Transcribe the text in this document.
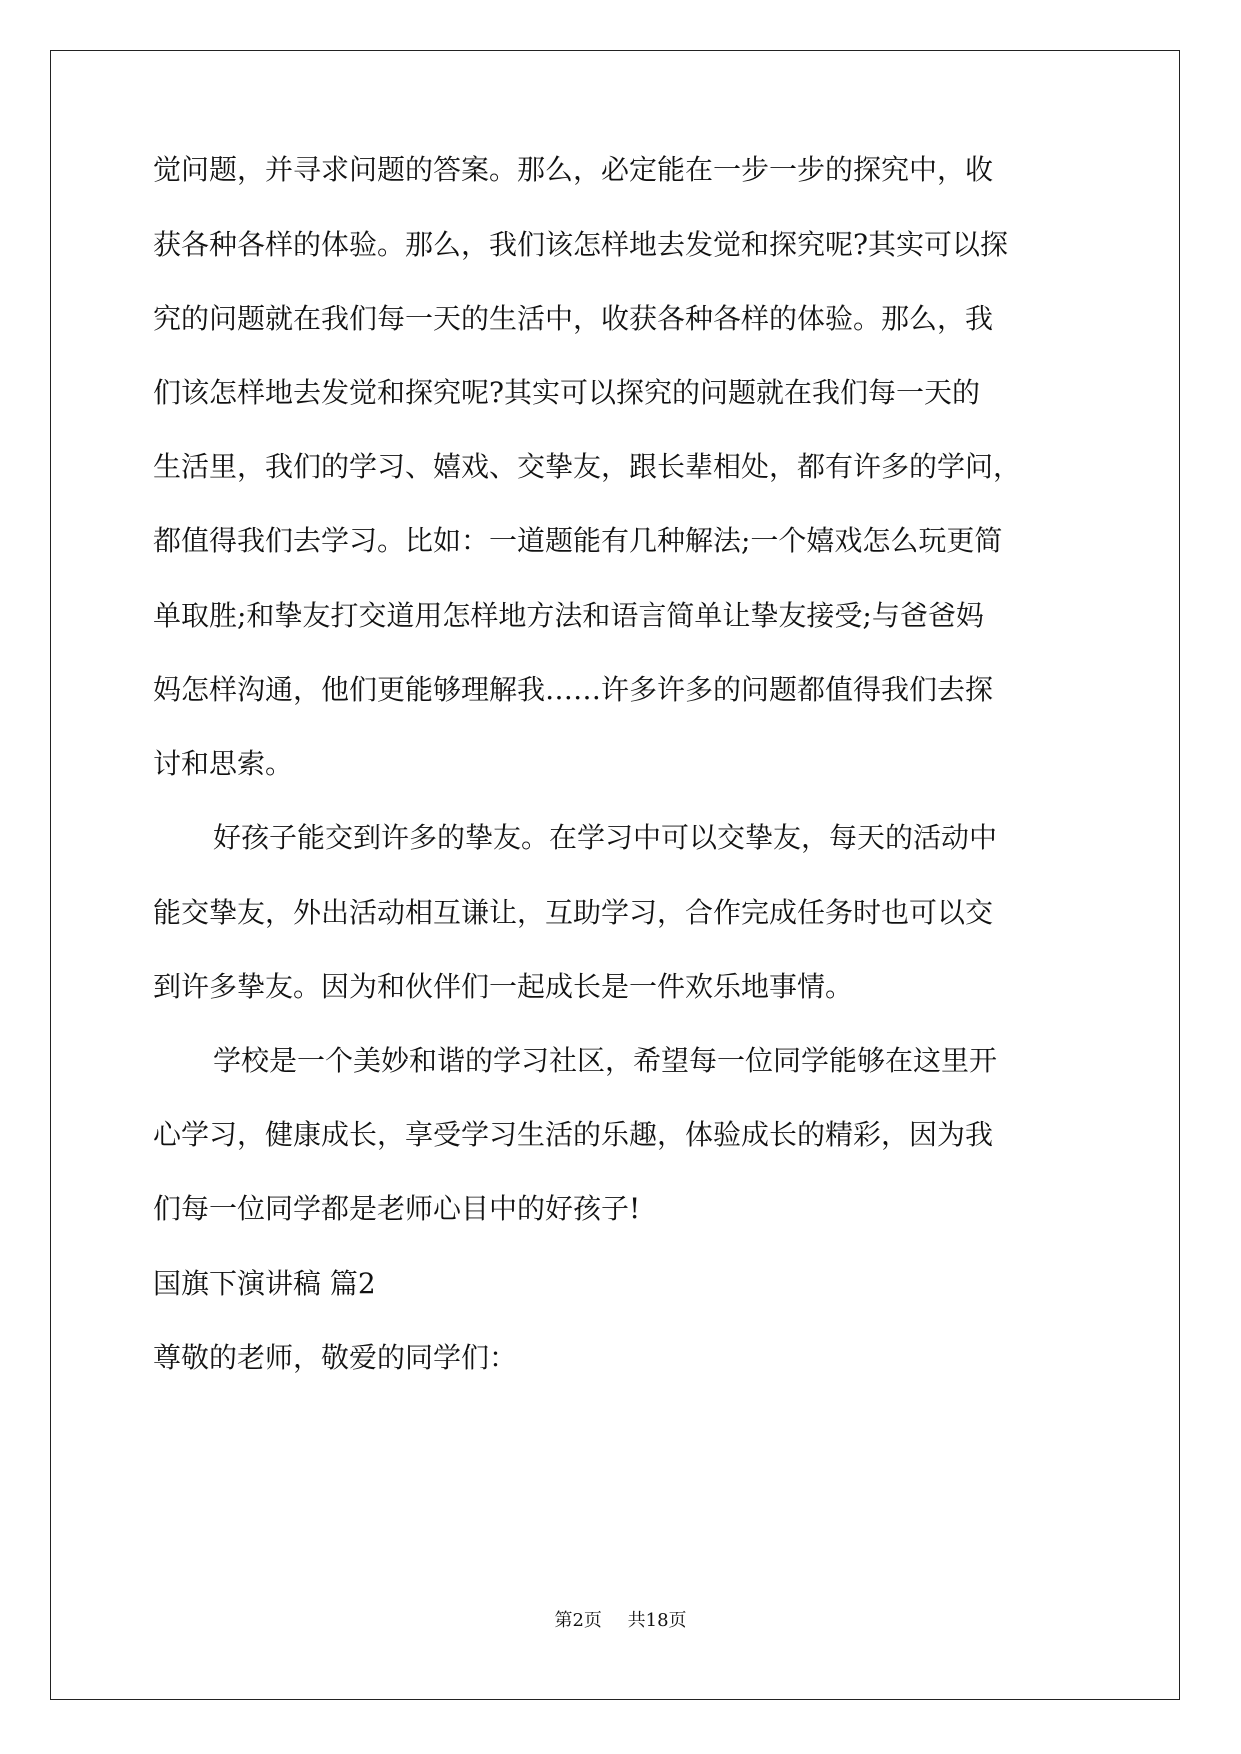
觉问题，并寻求问题的答案。那么，必定能在一步一步的探究中，收
获各种各样的体验。那么，我们该怎样地去发觉和探究呢?其实可以探
究的问题就在我们每一天的生活中，收获各种各样的体验。那么，我
们该怎样地去发觉和探究呢?其实可以探究的问题就在我们每一天的
生活里，我们的学习、嬉戏、交挚友，跟长辈相处，都有许多的学问，
都值得我们去学习。比如：一道题能有几种解法;一个嬉戏怎么玩更简
单取胜;和挚友打交道用怎样地方法和语言简单让挚友接受;与爸爸妈
妈怎样沟通，他们更能够理解我……许多许多的问题都值得我们去探
讨和思索。
好孩子能交到许多的挚友。在学习中可以交挚友，每天的活动中
能交挚友，外出活动相互谦让，互助学习，合作完成任务时也可以交
到许多挚友。因为和伙伴们一起成长是一件欢乐地事情。
学校是一个美妙和谐的学习社区，希望每一位同学能够在这里开
心学习，健康成长，享受学习生活的乐趣，体验成长的精彩，因为我
们每一位同学都是老师心目中的好孩子!
国旗下演讲稿 篇2
尊敬的老师，敬爱的同学们：
第2页 共18页
